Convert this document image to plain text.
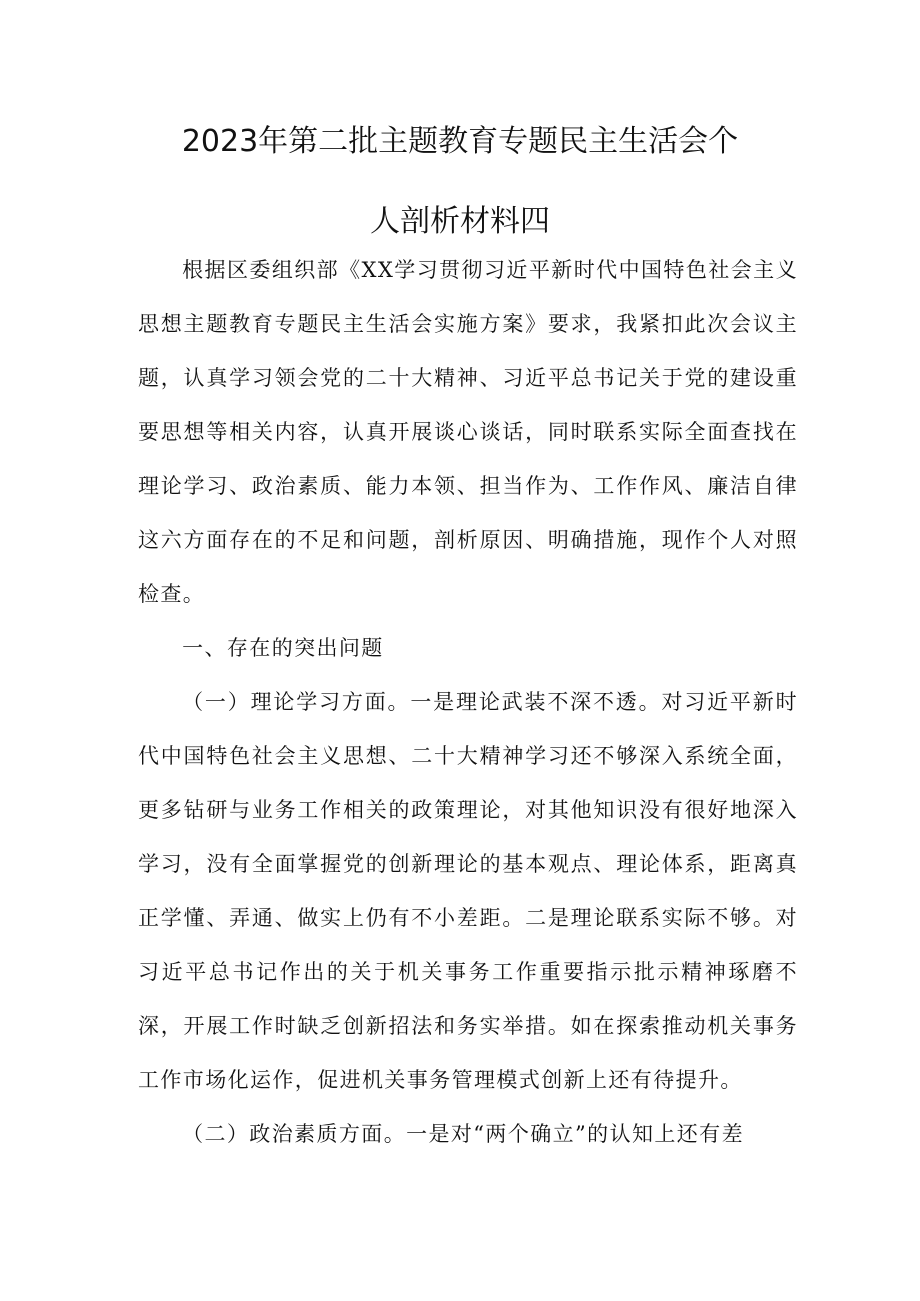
2023年第二批主题教育专题民主生活会个
人剖析材料四

根据区委组织部《XX学习贯彻习近平新时代中国特色社会主义思想主题教育专题民主生活会实施方案》要求，我紧扣此次会议主题，认真学习领会党的二十大精神、习近平总书记关于党的建设重要思想等相关内容，认真开展谈心谈话，同时联系实际全面查找在理论学习、政治素质、能力本领、担当作为、工作作风、廉洁自律这六方面存在的不足和问题，剖析原因、明确措施，现作个人对照检查。

一、存在的突出问题

（一）理论学习方面。一是理论武装不深不透。对习近平新时代中国特色社会主义思想、二十大精神学习还不够深入系统全面，更多钻研与业务工作相关的政策理论，对其他知识没有很好地深入学习，没有全面掌握党的创新理论的基本观点、理论体系，距离真正学懂、弄通、做实上仍有不小差距。二是理论联系实际不够。对习近平总书记作出的关于机关事务工作重要指示批示精神琢磨不深，开展工作时缺乏创新招法和务实举措。如在探索推动机关事务工作市场化运作，促进机关事务管理模式创新上还有待提升。

（二）政治素质方面。一是对“两个确立”的认知上还有差
